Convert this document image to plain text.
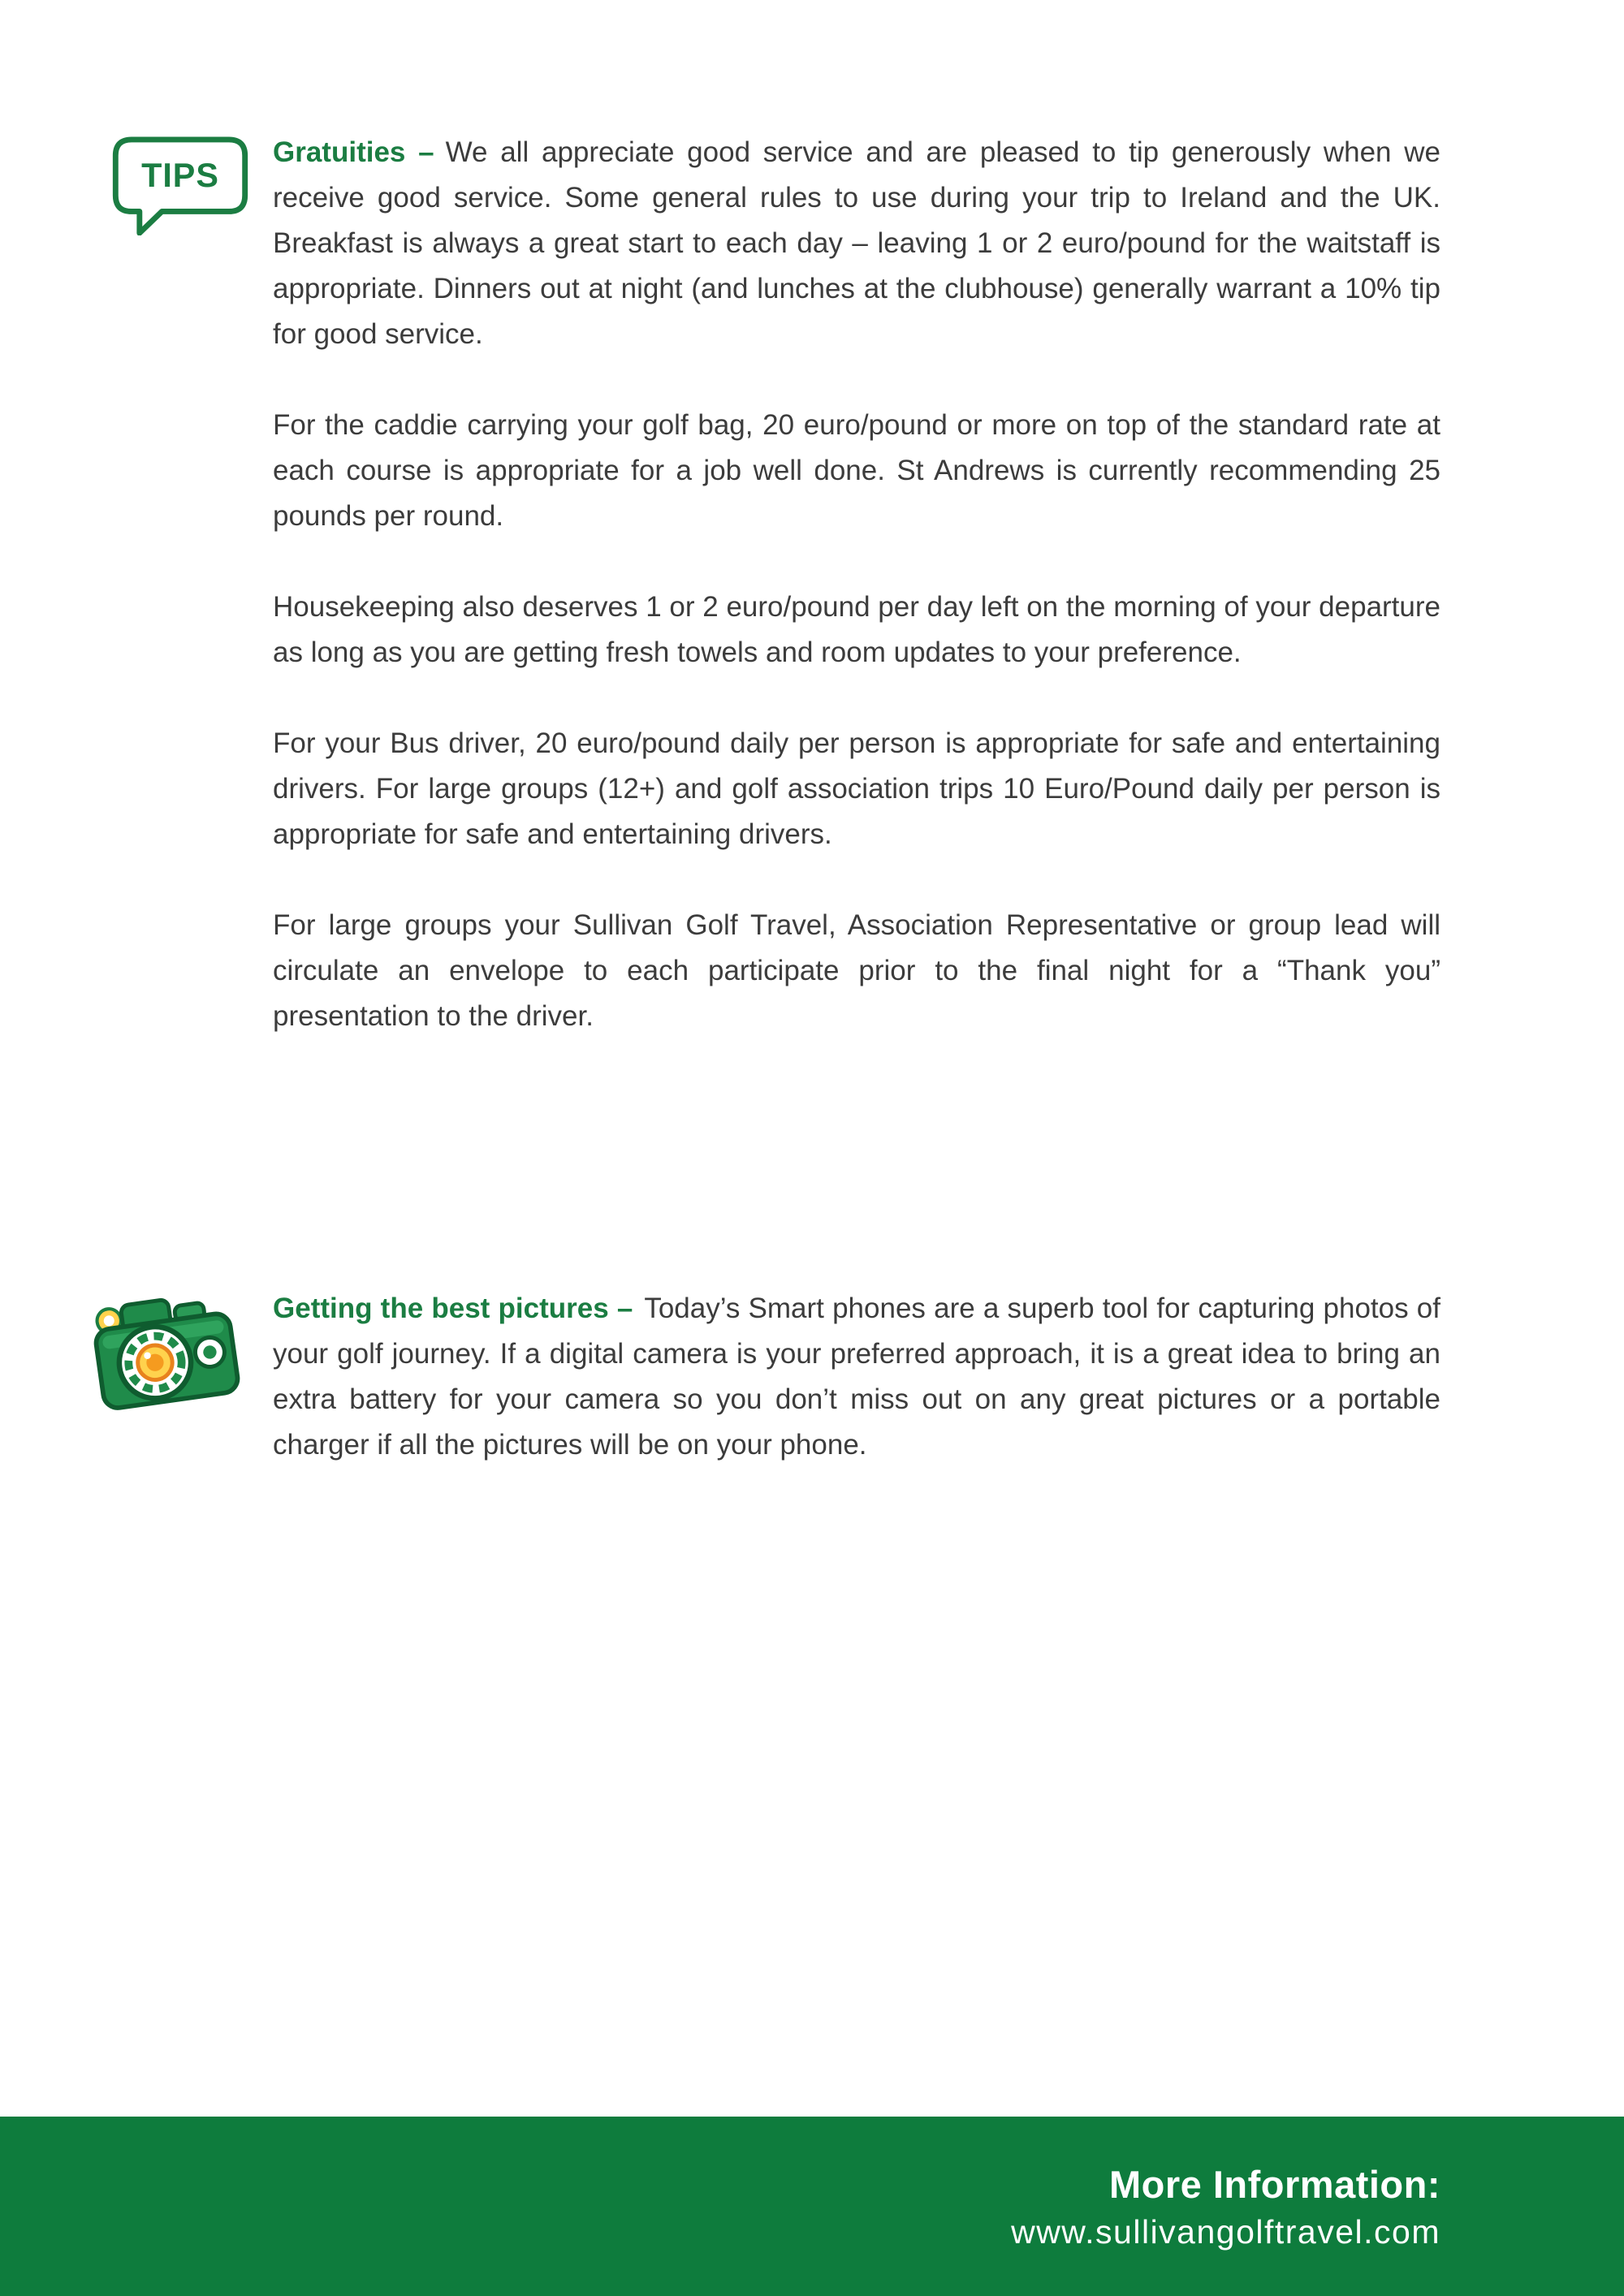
TIPS

Gratuities – We all appreciate good service and are pleased to tip generously when we receive good service. Some general rules to use during your trip to Ireland and the UK. Breakfast is always a great start to each day – leaving 1 or 2 euro/pound for the waitstaff is appropriate. Dinners out at night (and lunches at the clubhouse) generally warrant a 10% tip for good service.

For the caddie carrying your golf bag, 20 euro/pound or more on top of the standard rate at each course is appropriate for a job well done. St Andrews is currently recommending 25 pounds per round.

Housekeeping also deserves 1 or 2 euro/pound per day left on the morning of your departure as long as you are getting fresh towels and room updates to your preference.

For your Bus driver, 20 euro/pound daily per person is appropriate for safe and entertaining drivers. For large groups (12+) and golf association trips 10 Euro/Pound daily per person is appropriate for safe and entertaining drivers.

For large groups your Sullivan Golf Travel, Association Representative or group lead will circulate an envelope to each participate prior to the final night for a “Thank you” presentation to the driver.

Getting the best pictures – Today’s Smart phones are a superb tool for capturing photos of your golf journey. If a digital camera is your preferred approach, it is a great idea to bring an extra battery for your camera so you don’t miss out on any great pictures or a portable charger if all the pictures will be on your phone.

More Information:
www.sullivangolftravel.com
